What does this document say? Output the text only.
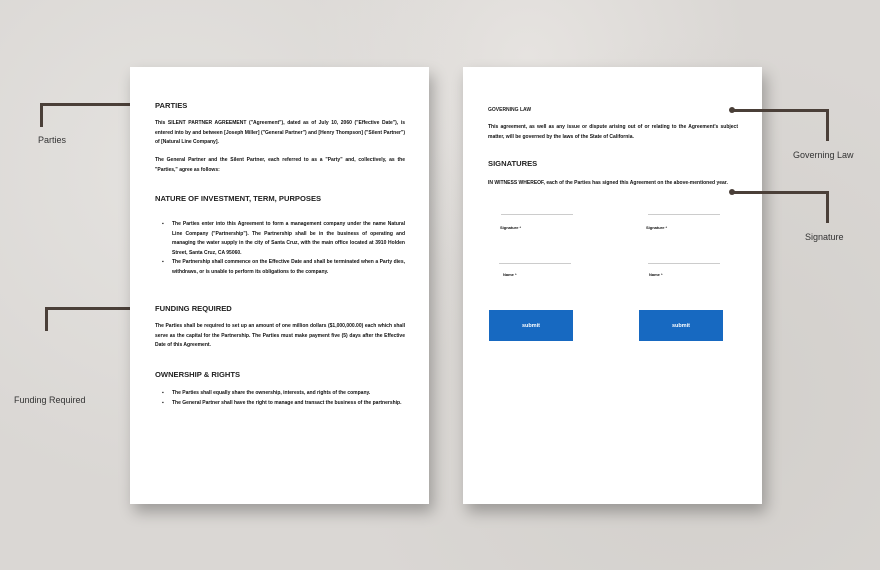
Parties
Funding Required
PARTIES
This SILENT PARTNER AGREEMENT ("Agreement"), dated as of July 10, 2060 ("Effective Date"), is entered into by and between [Joseph Miller] ("General Partner") and [Henry Thompson] ("Silent Partner") of [Natural Line Company].
The General Partner and the Silent Partner, each referred to as a "Party" and, collectively, as the "Parties," agree as follows:
NATURE OF INVESTMENT, TERM, PURPOSES
▪ The Parties enter into this Agreement to form a management company under the name Natural Line Company ("Partnership"). The Partnership shall be in the business of operating and managing the water supply in the city of Santa Cruz, with the main office located at 3910 Holden Street, Santa Cruz, CA 95060.
▪ The Partnership shall commence on the Effective Date and shall be terminated when a Party dies, withdraws, or is unable to perform its obligations to the company.
FUNDING REQUIRED
The Parties shall be required to set up an amount of one million dollars ($1,000,000.00) each which shall serve as the capital for the Partnership. The Parties must make payment five (5) days after the Effective Date of this Agreement.
OWNERSHIP & RIGHTS
▪ The Parties shall equally share the ownership, interests, and rights of the company.
▪ The General Partner shall have the right to manage and transact the business of the partnership.
GOVERNING LAW
This agreement, as well as any issue or dispute arising out of or relating to the Agreement's subject matter, will be governed by the laws of the State of California.
SIGNATURES
IN WITNESS WHEREOF, each of the Parties has signed this Agreement on the above-mentioned year.
Signature *
Name *
submit
Signature *
Name *
submit
Governing Law
Signature
